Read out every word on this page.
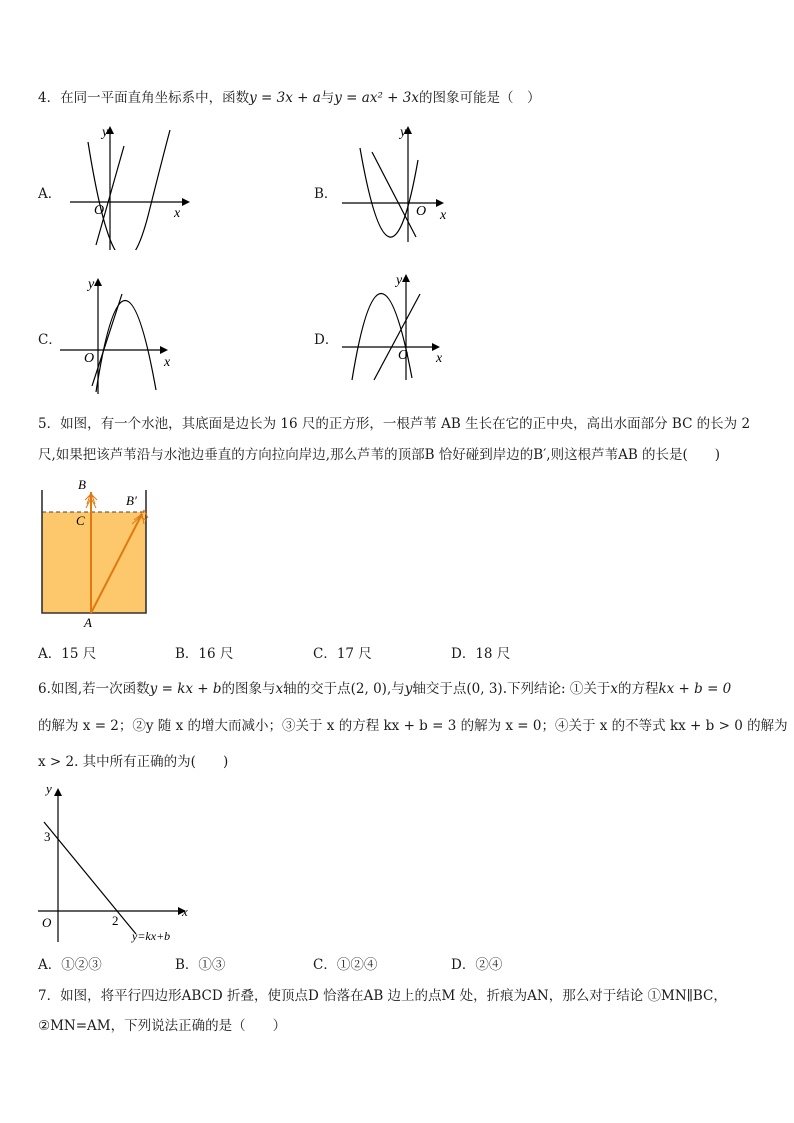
4．在同一平面直角坐标系中，函数y = 3x + a与y = ax² + 3x的图象可能是（　）
A．
y
x
O
B．
y
x
O
C．
y
x
O
D．
y
x
O
5．如图，有一个水池，其底面是边长为 16 尺的正方形，一根芦苇 AB 生长在它的正中央，高出水面部分 BC 的长为 2
尺,如果把该芦苇沿与水池边垂直的方向拉向岸边,那么芦苇的顶部B 恰好碰到岸边的B′,则这根芦苇AB 的长是(　　)
B
B′
C
A
A．15 尺	B．16 尺	C．17 尺	D．18 尺
6.如图,若一次函数y = kx + b的图象与x轴的交于点(2, 0),与y轴交于点(0, 3).下列结论: ①关于x的方程kx + b = 0
的解为 x = 2；②y 随 x 的增大而减小；③关于 x 的方程 kx + b = 3 的解为 x = 0；④关于 x 的不等式 kx + b > 0 的解为
x > 2. 其中所有正确的为(　　)
y
x
O
3
2
y=kx+b
A．①②③	B．①③	C．①②④	D．②④
7．如图，将平行四边形ABCD 折叠，使顶点D 恰落在AB 边上的点M 处，折痕为AN，那么对于结论 ①MN∥BC，
②MN=AM，下列说法正确的是（　　）
